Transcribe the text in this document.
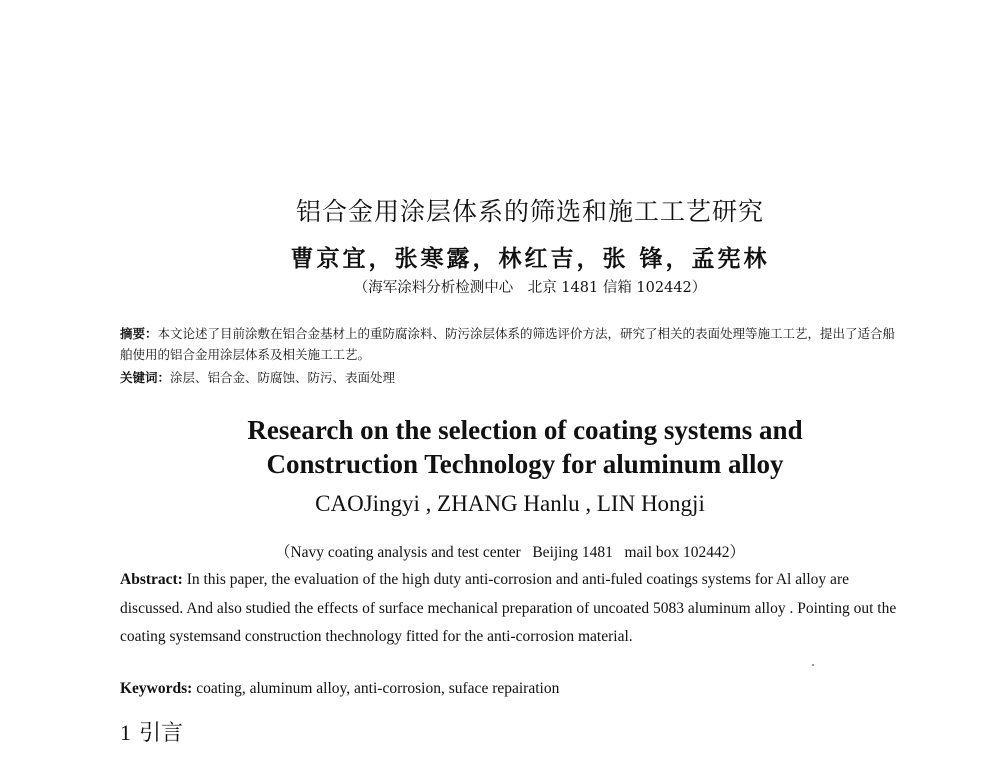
铝合金用涂层体系的筛选和施工工艺研究
曹京宜，张寒露，林红吉，张 锋，孟宪林
（海军涂料分析检测中心　北京 1481 信箱 102442）
摘要：本文论述了目前涂敷在铝合金基材上的重防腐涂料、防污涂层体系的筛选评价方法，研究了相关的表面处理等施工工艺，提出了适合船舶使用的铝合金用涂层体系及相关施工工艺。
关键词：涂层、铝合金、防腐蚀、防污、表面处理
Research on the selection of coating systems and
Construction Technology for aluminum alloy
CAOJingyi , ZHANG Hanlu , LIN Hongji
（Navy coating analysis and test center   Beijing 1481   mail box 102442）
Abstract: In this paper, the evaluation of the high duty anti-corrosion and anti-fuled coatings systems for Al alloy are discussed. And also studied the effects of surface mechanical preparation of uncoated 5083 aluminum alloy . Pointing out the coating systemsand construction thechnology fitted for the anti-corrosion material.
Keywords: coating, aluminum alloy, anti-corrosion, suface repairation
1 引言
